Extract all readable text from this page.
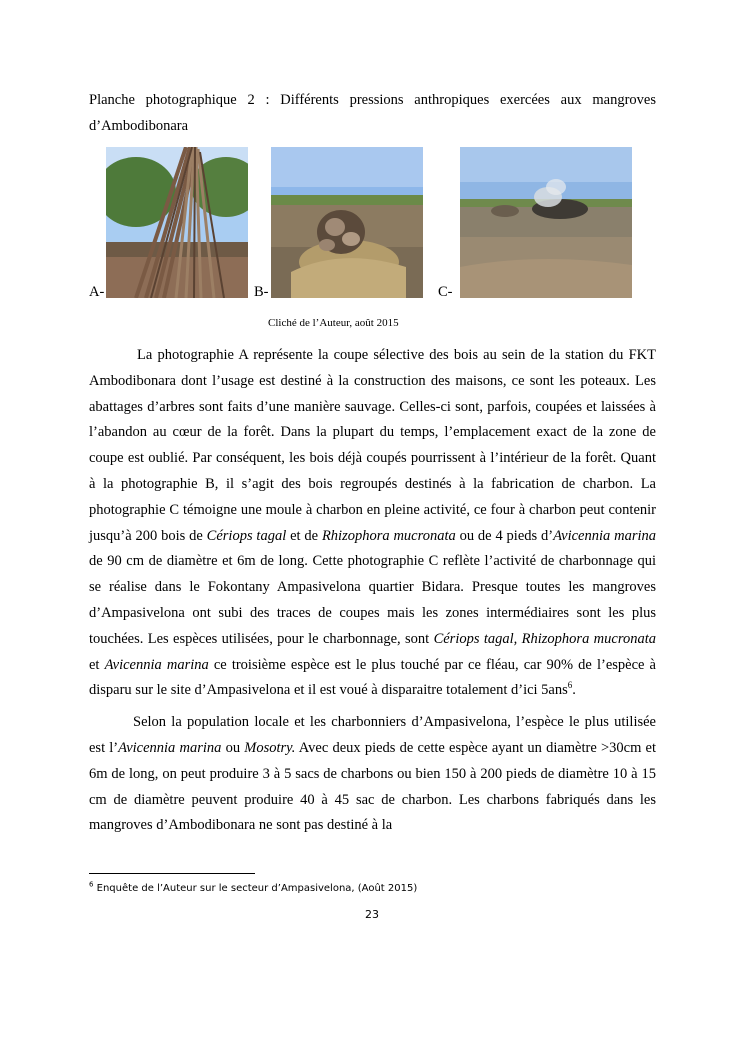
Planche photographique 2 : Différents pressions anthropiques exercées aux mangroves d’Ambodibonara
A-	B-	C-
Cliché de l’Auteur, août 2015

La photographie A représente la coupe sélective des bois au sein de la station du FKT Ambodibonara dont l’usage est destiné à la construction des maisons, ce sont les poteaux. Les abattages d’arbres sont faits d’une manière sauvage. Celles-ci sont, parfois, coupées et laissées à l’abandon au cœur de la forêt. Dans la plupart du temps, l’emplacement exact de la zone de coupe est oublié. Par conséquent, les bois déjà coupés pourrissent à l’intérieur de la forêt. Quant à la photographie B, il s’agit des bois regroupés destinés à la fabrication de charbon. La photographie C témoigne une moule à charbon en pleine activité, ce four à charbon peut contenir jusqu’à 200 bois de Cériops tagal et de Rhizophora mucronata ou de 4 pieds d’Avicennia marina de 90 cm de diamètre et 6m de long. Cette photographie C reflète l’activité de charbonnage qui se réalise dans le Fokontany Ampasivelona quartier Bidara. Presque toutes les mangroves d’Ampasivelona ont subi des traces de coupes mais les zones intermédiaires sont les plus touchées. Les espèces utilisées, pour le charbonnage, sont Cériops tagal, Rhizophora mucronata et Avicennia marina ce troisième espèce est le plus touché par ce fléau, car 90% de l’espèce à disparu sur le site d’Ampasivelona et il est voué à disparaitre totalement d’ici 5ans$^6$.

Selon la population locale et les charbonniers d’Ampasivelona, l’espèce le plus utilisée est l’Avicennia marina ou Mosotry. Avec deux pieds de cette espèce ayant un diamètre >30cm et 6m de long, on peut produire 3 à 5 sacs de charbons ou bien 150 à 200 pieds de diamètre 10 à 15 cm de diamètre peuvent produire 40 à 45 sac de charbon. Les charbons fabriqués dans les mangroves d’Ambodibonara ne sont pas destiné à la

$^6$ Enquête de l’Auteur sur le secteur d’Ampasivelona, (Août 2015)
23
